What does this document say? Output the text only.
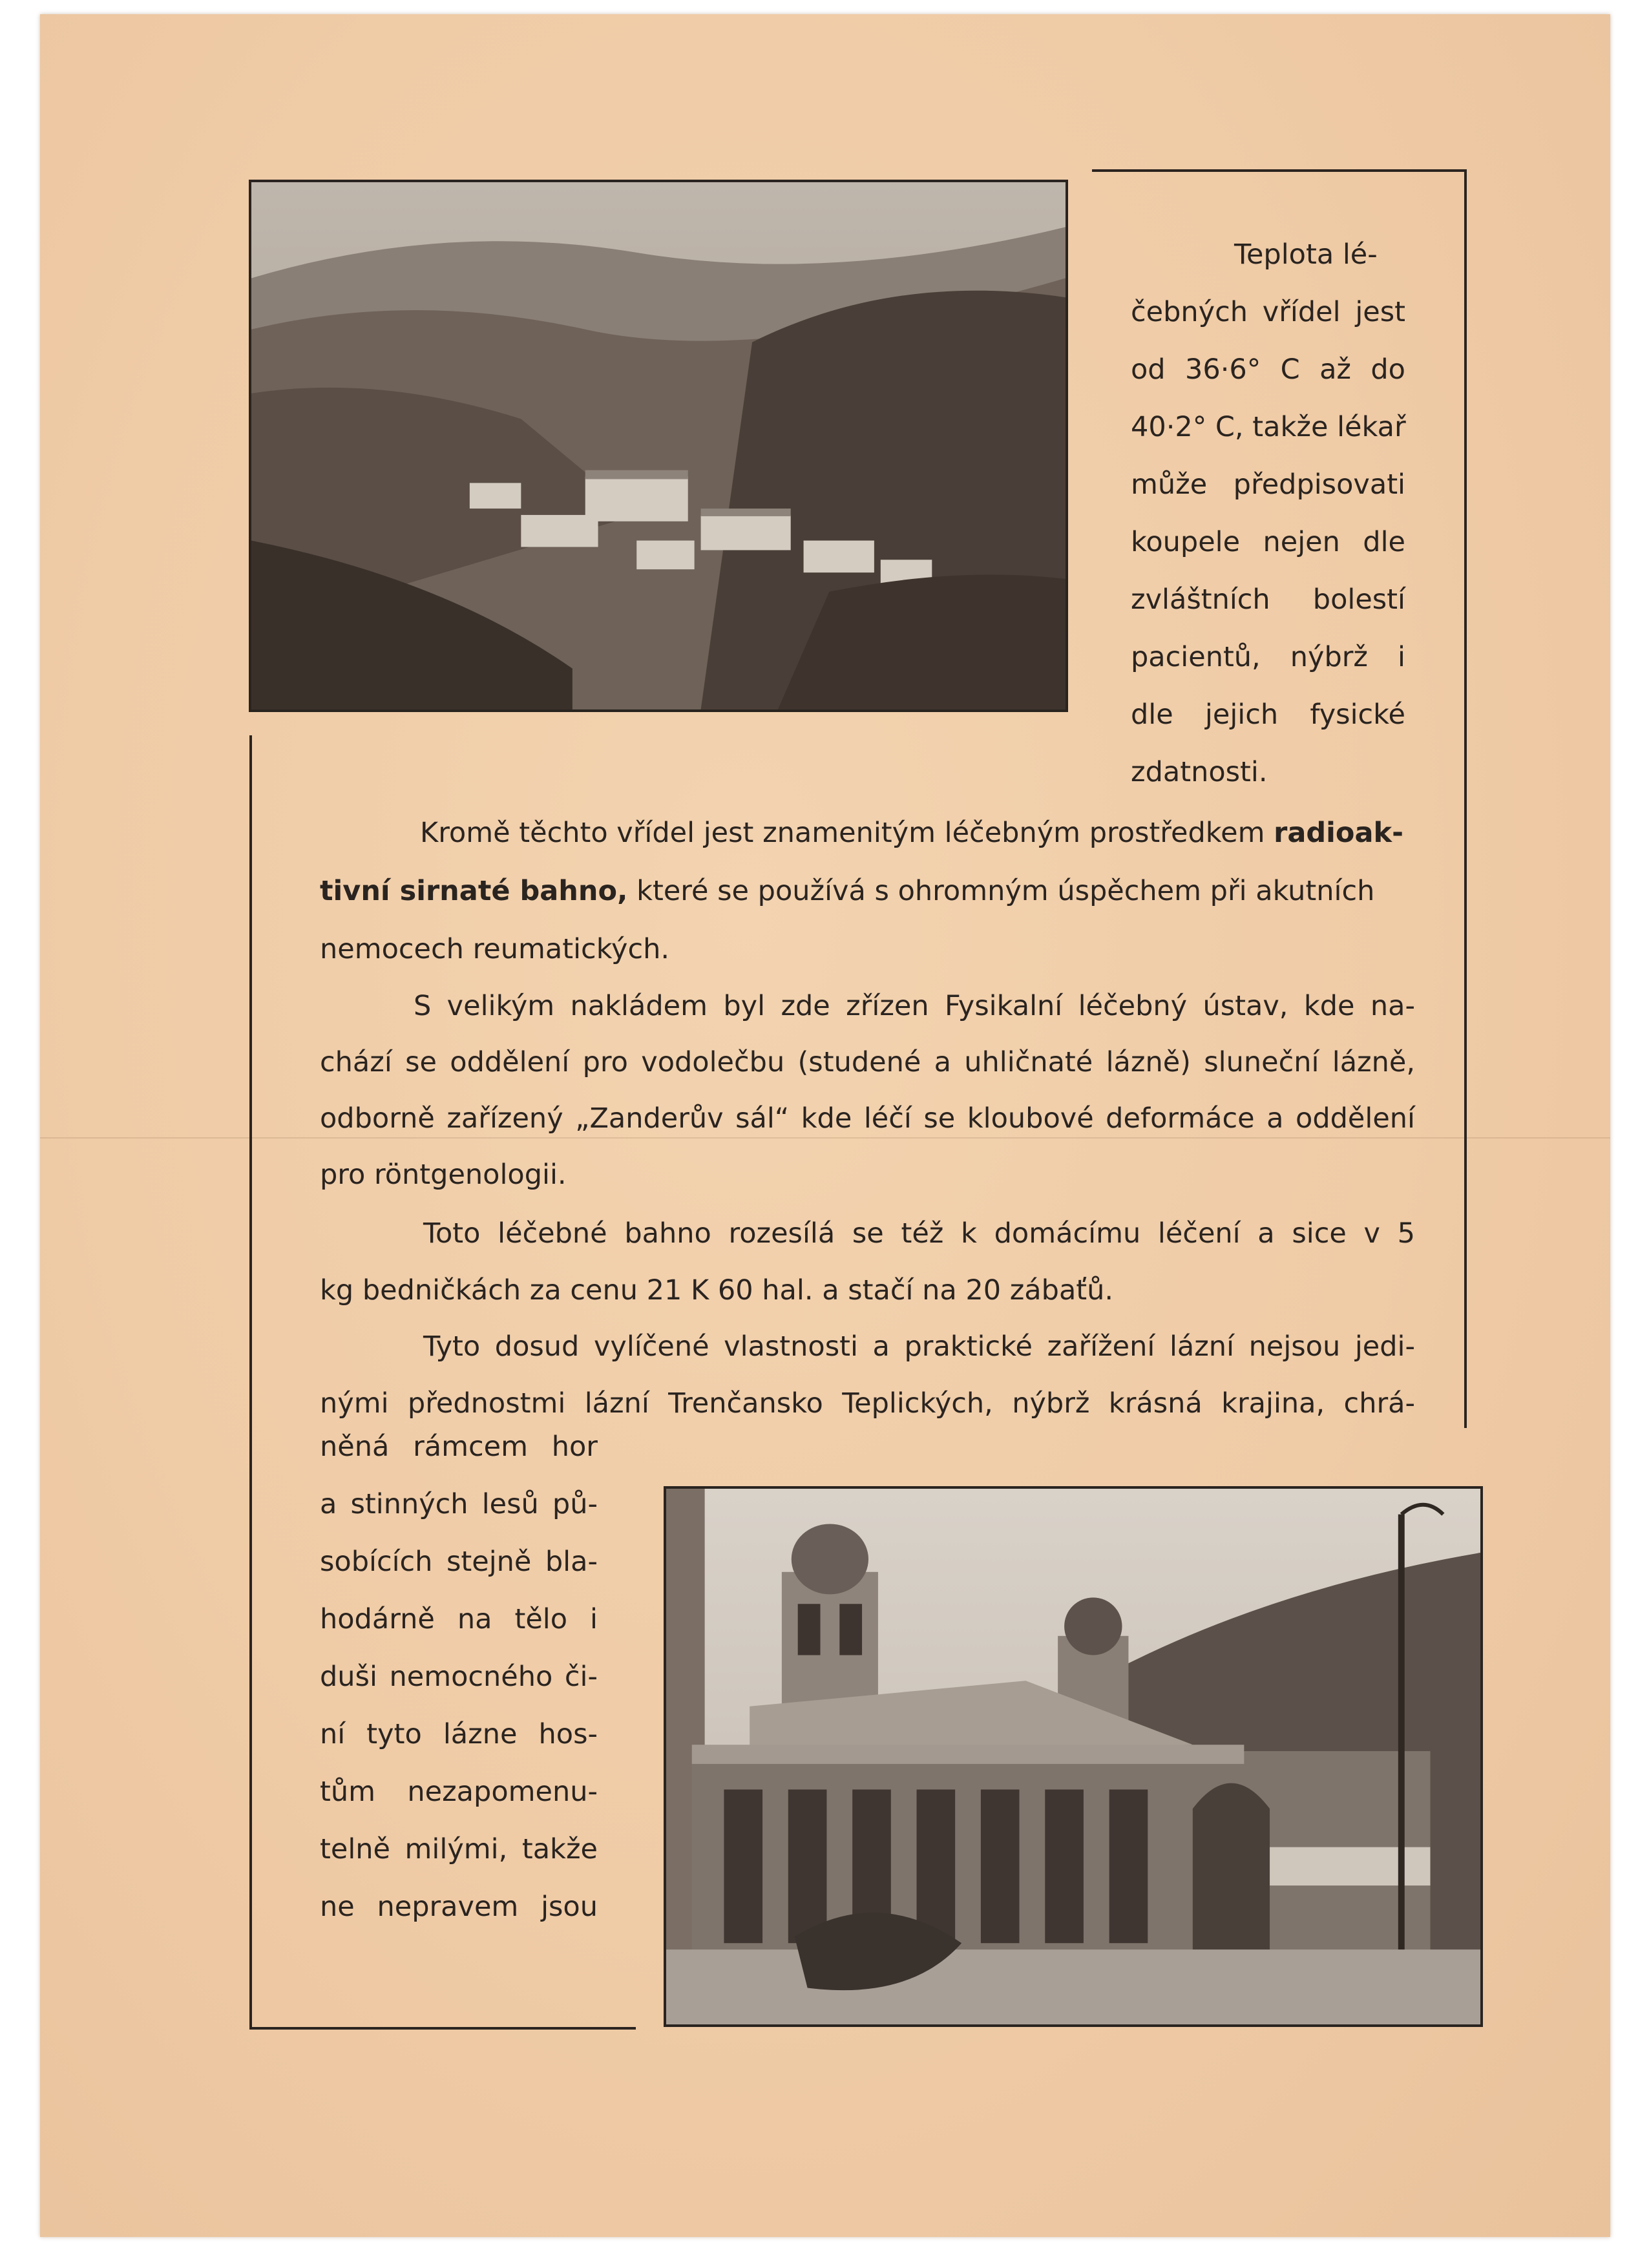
Teplota lé-
čebných vřídel jest
od 36·6° C až do
40·2° C, takže lékař
může předpisovati
koupele nejen dle
zvláštních bolestí
pacientů, nýbrž i
dle jejich fysické
zdatnosti.
Kromě těchto vřídel jest znamenitým léčebným prostředkem radioak-
tivní sirnaté bahno, které se používá s ohromným úspěchem při akutních
nemocech reumatických.
S velikým nakládem byl zde zřízen Fysikalní léčebný ústav, kde na-
chází se oddělení pro vodolečbu (studené a uhličnaté lázně) sluneční lázně,
odborně zařízený „Zanderův sál“ kde léčí se kloubové deformáce a oddělení
pro röntgenologii.
Toto léčebné bahno rozesílá se též k domácímu léčení a sice v 5
kg bedničkách za cenu 21 K 60 hal. a stačí na 20 zábaťů.
Tyto dosud vylíčené vlastnosti a praktické zařížení lázní nejsou jedi-
nými přednostmi lázní Trenčansko Teplických, nýbrž krásná krajina, chrá-
něná rámcem hor
a stinných lesů pů-
sobících stejně bla-
hodárně na tělo i
duši nemocného či-
ní tyto lázne hos-
tům nezapomenu-
telně milými, takže
ne nepravem jsou
